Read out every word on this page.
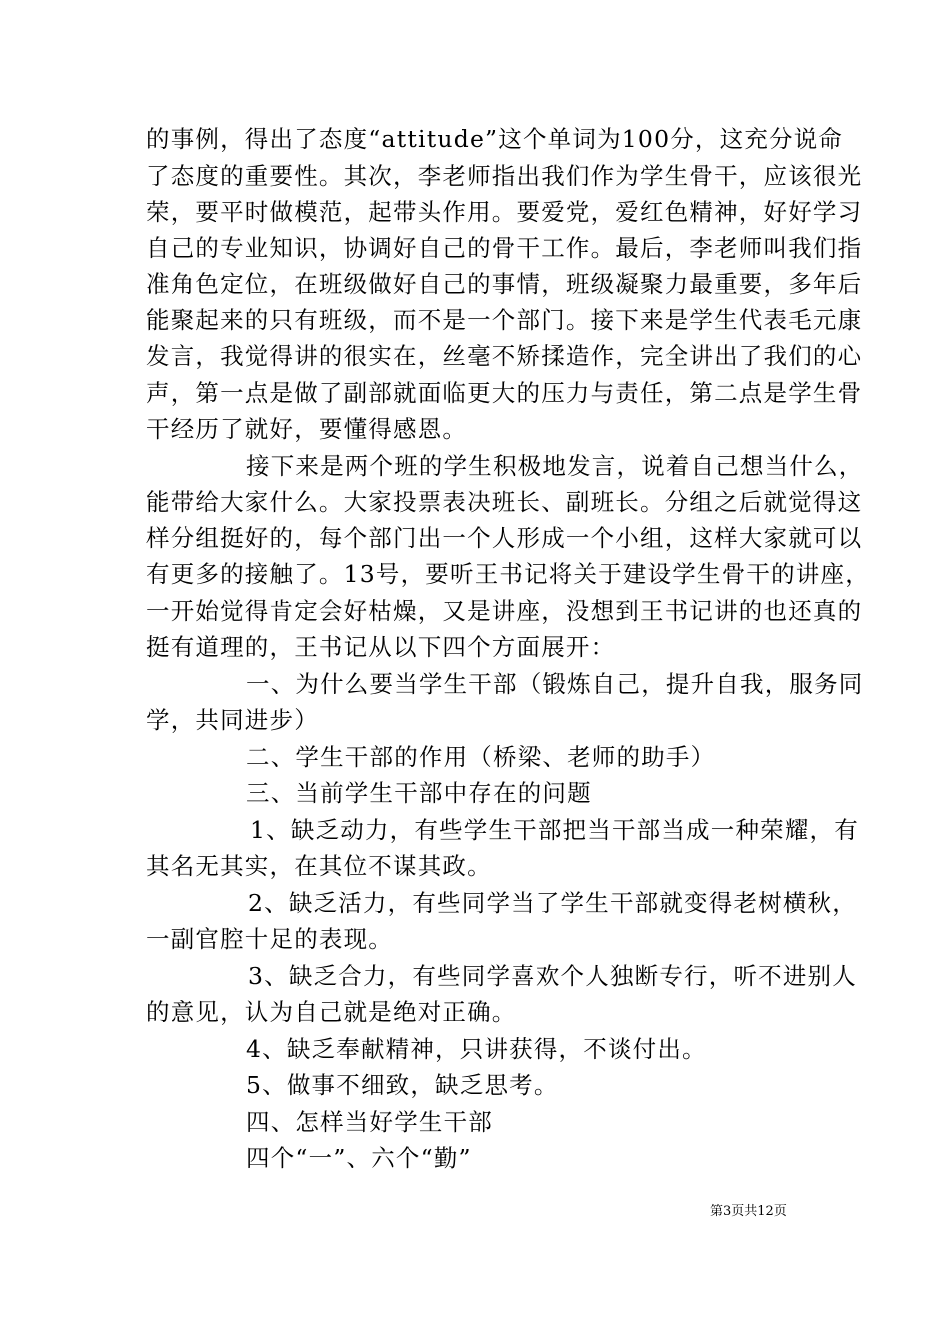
的事例，得出了态度“attitude”这个单词为100分，这充分说命
了态度的重要性。其次，李老师指出我们作为学生骨干，应该很光
荣，要平时做模范，起带头作用。要爱党，爱红色精神，好好学习
自己的专业知识，协调好自己的骨干工作。最后，李老师叫我们指
准角色定位，在班级做好自己的事情，班级凝聚力最重要，多年后
能聚起来的只有班级，而不是一个部门。接下来是学生代表毛元康
发言，我觉得讲的很实在，丝毫不矫揉造作，完全讲出了我们的心
声，第一点是做了副部就面临更大的压力与责任，第二点是学生骨
干经历了就好，要懂得感恩。
接下来是两个班的学生积极地发言，说着自己想当什么，
能带给大家什么。大家投票表决班长、副班长。分组之后就觉得这
样分组挺好的，每个部门出一个人形成一个小组，这样大家就可以
有更多的接触了。13号，要听王书记将关于建设学生骨干的讲座，
一开始觉得肯定会好枯燥，又是讲座，没想到王书记讲的也还真的
挺有道理的，王书记从以下四个方面展开：
一、为什么要当学生干部（锻炼自己，提升自我，服务同
学，共同进步）
二、学生干部的作用（桥梁、老师的助手）
三、当前学生干部中存在的问题
1、缺乏动力，有些学生干部把当干部当成一种荣耀，有
其名无其实，在其位不谋其政。
2、缺乏活力，有些同学当了学生干部就变得老树横秋，
一副官腔十足的表现。
3、缺乏合力，有些同学喜欢个人独断专行，听不进别人
的意见，认为自己就是绝对正确。
4、缺乏奉献精神，只讲获得，不谈付出。
5、做事不细致，缺乏思考。
四、怎样当好学生干部
四个“一”、六个“勤”
第3页共12页
